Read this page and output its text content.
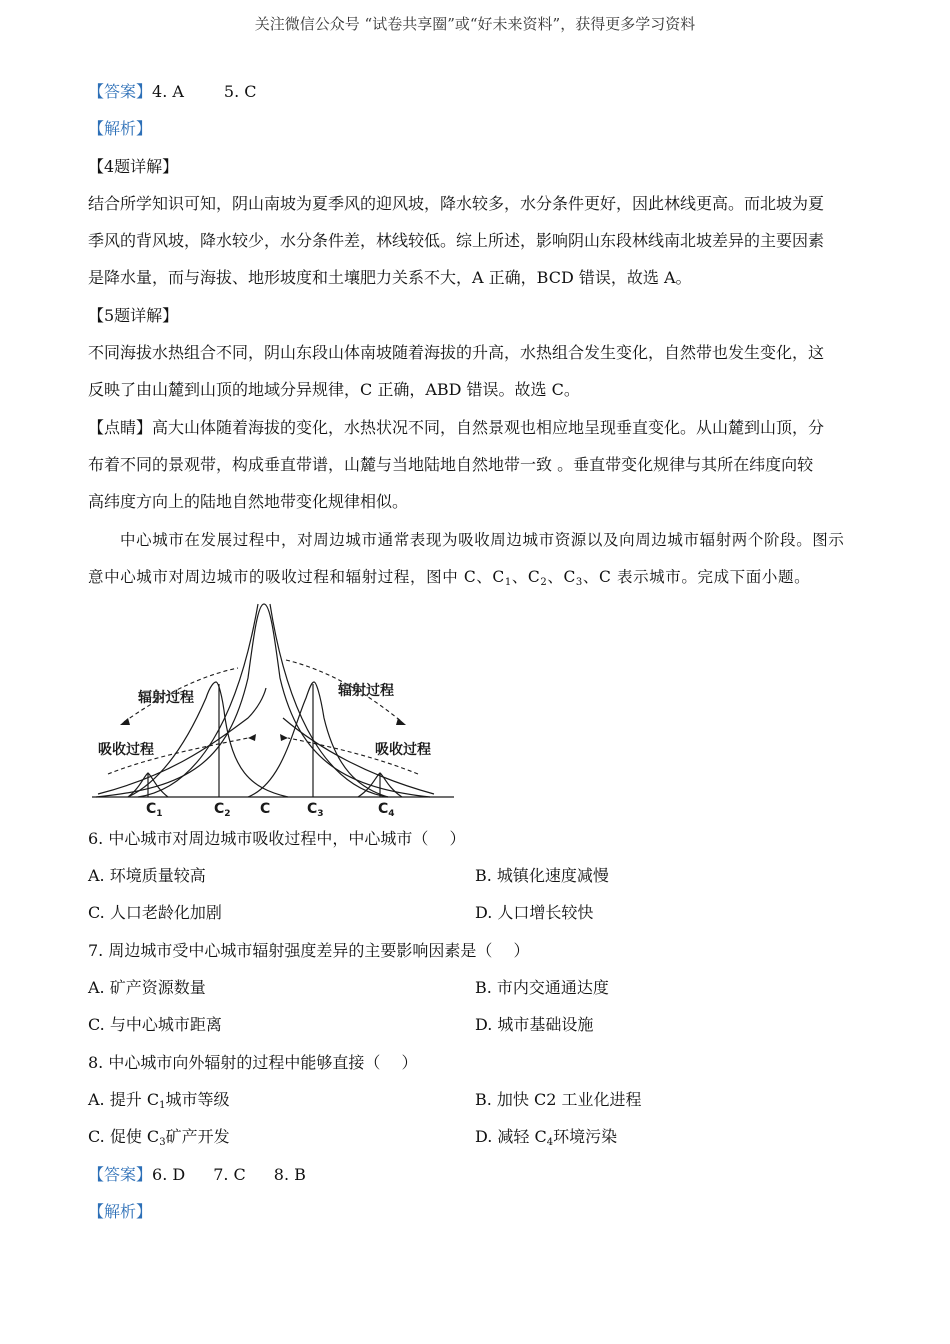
关注微信公众号 “试卷共享圈”或“好未来资料”，获得更多学习资料
【答案】4. A	5. C
【解析】
【4题详解】
结合所学知识可知，阴山南坡为夏季风的迎风坡，降水较多，水分条件更好，因此林线更高。而北坡为夏
季风的背风坡，降水较少，水分条件差，林线较低。综上所述，影响阴山东段林线南北坡差异的主要因素
是降水量，而与海拔、地形坡度和土壤肥力关系不大，A 正确，BCD 错误，故选 A。
【5题详解】
不同海拔水热组合不同，阴山东段山体南坡随着海拔的升高，水热组合发生变化，自然带也发生变化，这
反映了由山麓到山顶的地域分异规律，C 正确，ABD 错误。故选 C。
【点睛】高大山体随着海拔的变化，水热状况不同，自然景观也相应地呈现垂直变化。从山麓到山顶，分
布着不同的景观带，构成垂直带谱，山麓与当地陆地自然地带一致 。垂直带变化规律与其所在纬度向较
高纬度方向上的陆地自然地带变化规律相似。
中心城市在发展过程中，对周边城市通常表现为吸收周边城市资源以及向周边城市辐射两个阶段。图示
意中心城市对周边城市的吸收过程和辐射过程，图中 C、$C_1$、$C_2$、$C_3$、C 表示城市。完成下面小题。
辐射过程	辐射过程
吸收过程	吸收过程
$C_1$	$C_2$ C	$C_3$	$C_4$
6. 中心城市对周边城市吸收过程中，中心城市（　 ）
A. 环境质量较高	B. 城镇化速度减慢
C. 人口老龄化加剧	D. 人口增长较快
7. 周边城市受中心城市辐射强度差异的主要影响因素是（　 ）
A. 矿产资源数量	B. 市内交通通达度
C. 与中心城市距离	D. 城市基础设施
8. 中心城市向外辐射的过程中能够直接（　 ）
A. 提升 $C_1$城市等级	B. 加快 C2 工业化进程
C. 促使 $C_3$矿产开发	D. 减轻 $C_4$环境污染
【答案】6. D 7. C 8. B
【解析】
